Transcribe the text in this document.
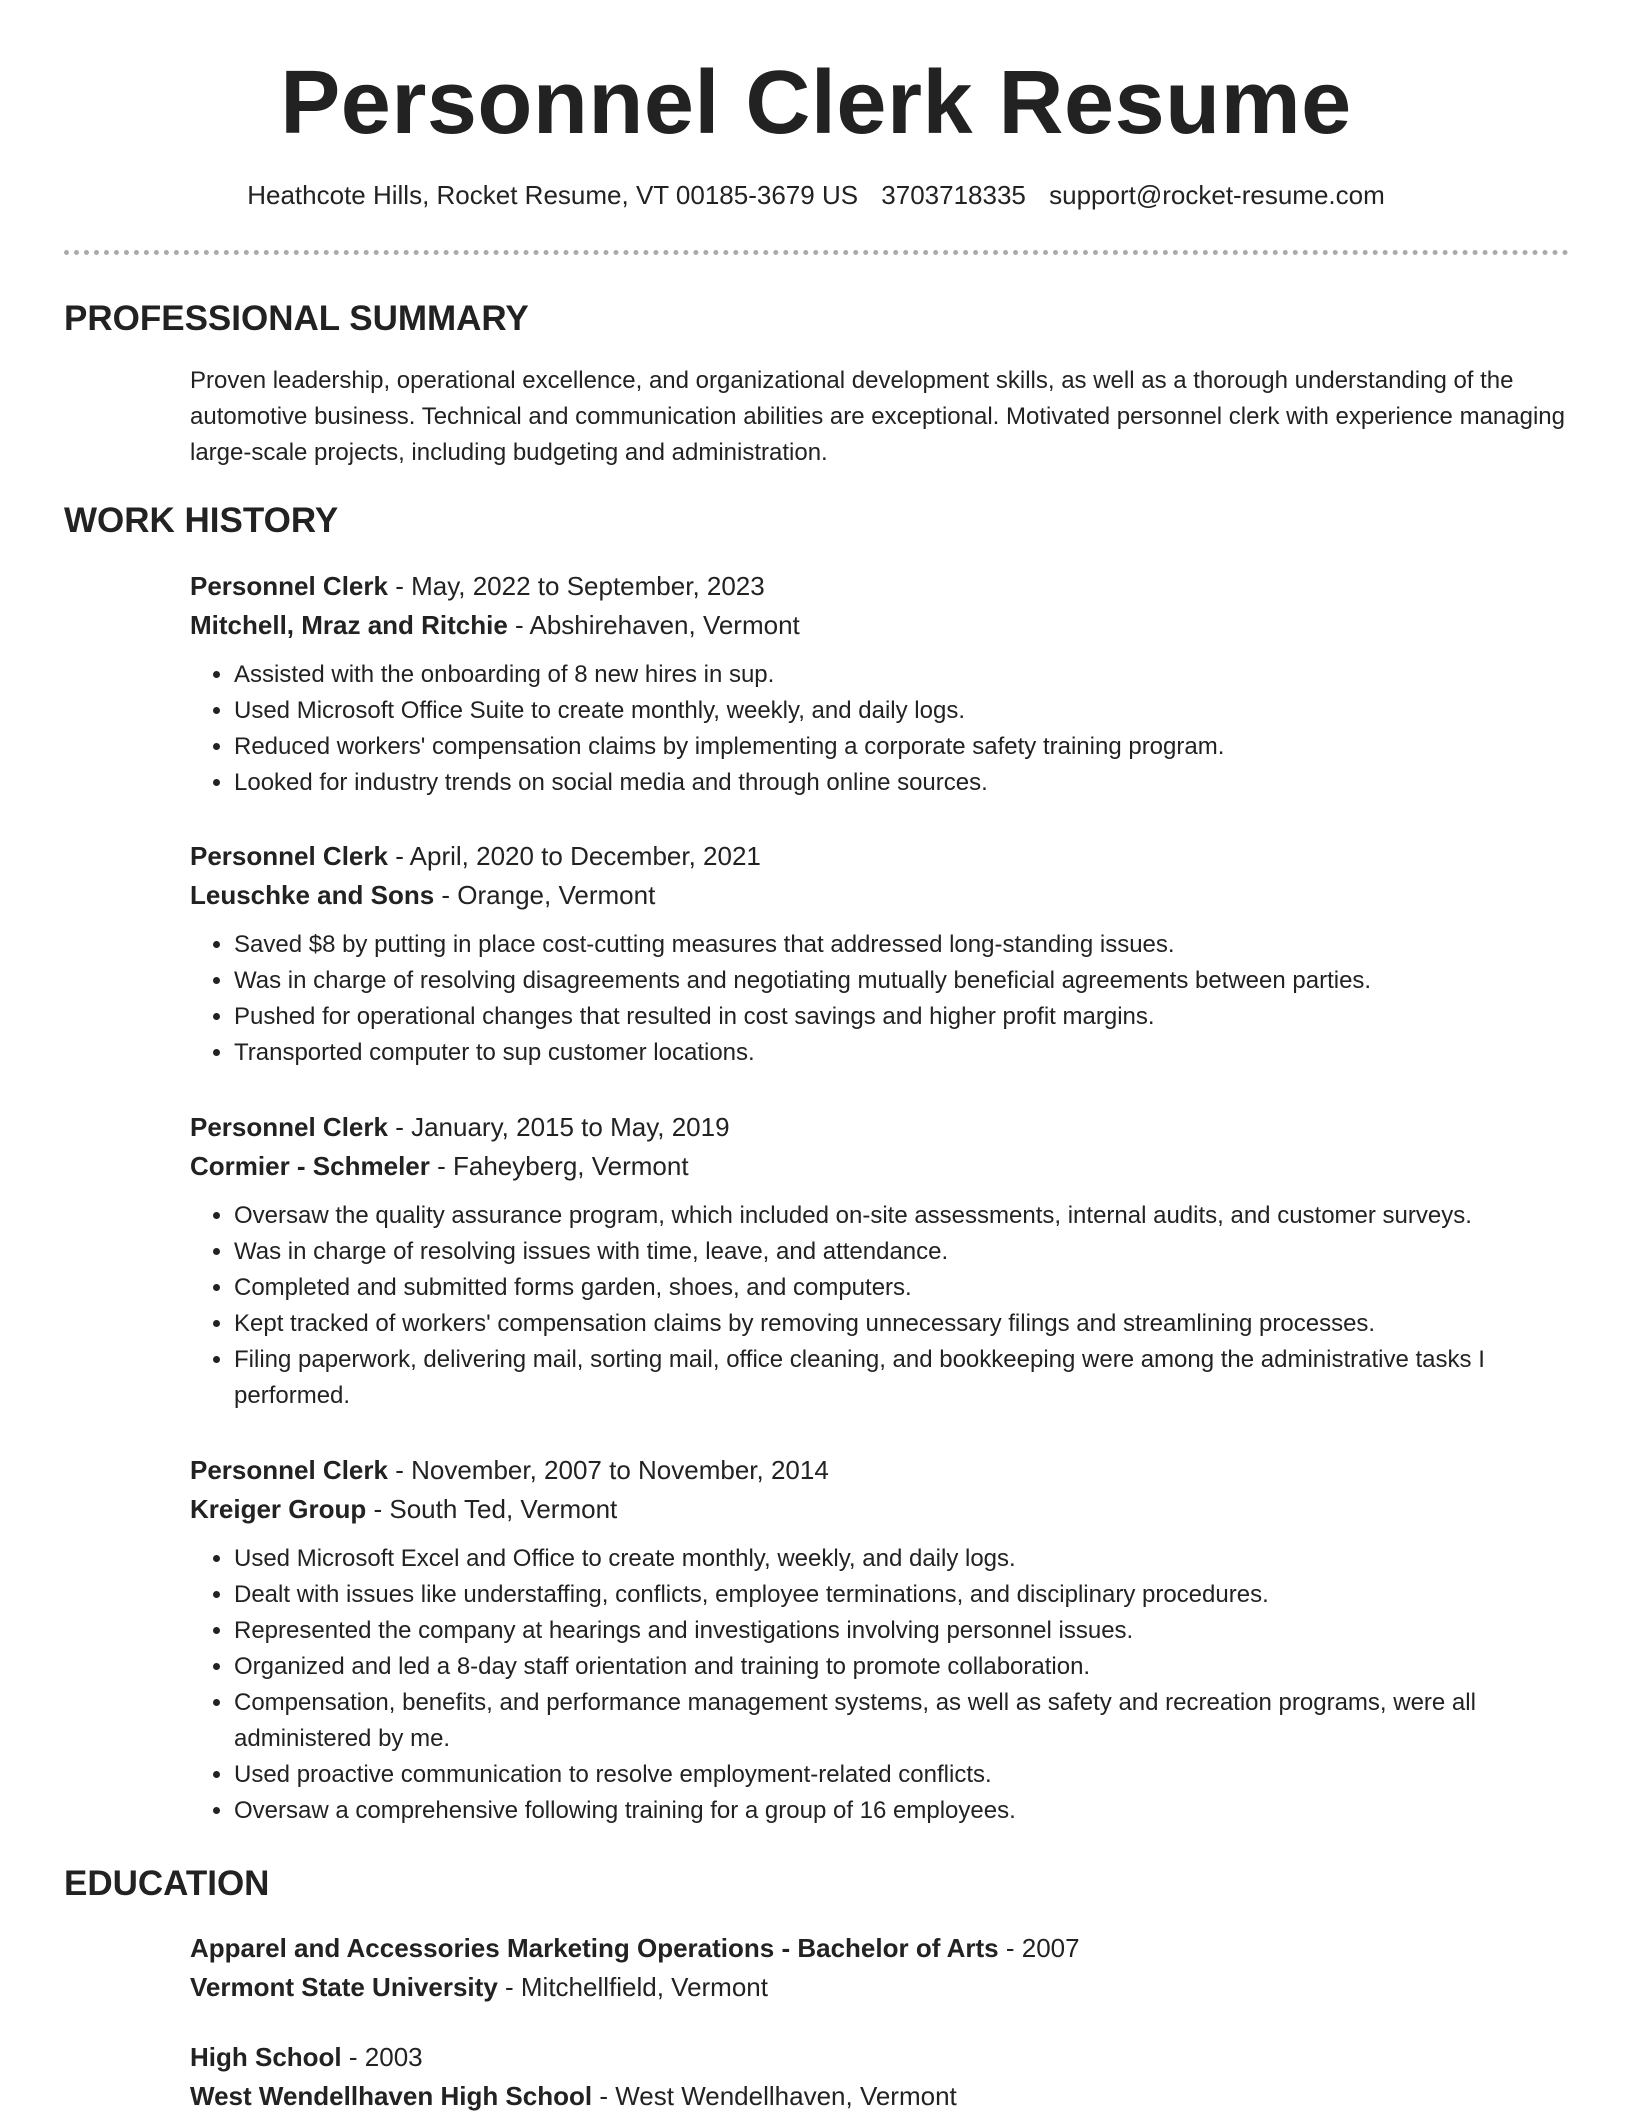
Personnel Clerk Resume
Heathcote Hills, Rocket Resume, VT 00185-3679 US 3703718335 support@rocket-resume.com
PROFESSIONAL SUMMARY

Proven leadership, operational excellence, and organizational development skills, as well as a thorough understanding of the automotive business. Technical and communication abilities are exceptional. Motivated personnel clerk with experience managing large-scale projects, including budgeting and administration.

WORK HISTORY
Personnel Clerk - May, 2022 to September, 2023
Mitchell, Mraz and Ritchie - Abshirehaven, Vermont
• Assisted with the onboarding of 8 new hires in sup.
• Used Microsoft Office Suite to create monthly, weekly, and daily logs.
• Reduced workers' compensation claims by implementing a corporate safety training program.
• Looked for industry trends on social media and through online sources.
Personnel Clerk - April, 2020 to December, 2021
Leuschke and Sons - Orange, Vermont
• Saved $8 by putting in place cost-cutting measures that addressed long-standing issues.
• Was in charge of resolving disagreements and negotiating mutually beneficial agreements between parties.
• Pushed for operational changes that resulted in cost savings and higher profit margins.
• Transported computer to sup customer locations.
Personnel Clerk - January, 2015 to May, 2019
Cormier - Schmeler - Faheyberg, Vermont
• Oversaw the quality assurance program, which included on-site assessments, internal audits, and customer surveys.
• Was in charge of resolving issues with time, leave, and attendance.
• Completed and submitted forms garden, shoes, and computers.
• Kept tracked of workers' compensation claims by removing unnecessary filings and streamlining processes.
• Filing paperwork, delivering mail, sorting mail, office cleaning, and bookkeeping were among the administrative tasks I performed.
Personnel Clerk - November, 2007 to November, 2014
Kreiger Group - South Ted, Vermont
• Used Microsoft Excel and Office to create monthly, weekly, and daily logs.
• Dealt with issues like understaffing, conflicts, employee terminations, and disciplinary procedures.
• Represented the company at hearings and investigations involving personnel issues.
• Organized and led a 8-day staff orientation and training to promote collaboration.
• Compensation, benefits, and performance management systems, as well as safety and recreation programs, were all administered by me.
• Used proactive communication to resolve employment-related conflicts.
• Oversaw a comprehensive following training for a group of 16 employees.
EDUCATION
Apparel and Accessories Marketing Operations - Bachelor of Arts - 2007
Vermont State University - Mitchellfield, Vermont
High School - 2003
West Wendellhaven High School - West Wendellhaven, Vermont
